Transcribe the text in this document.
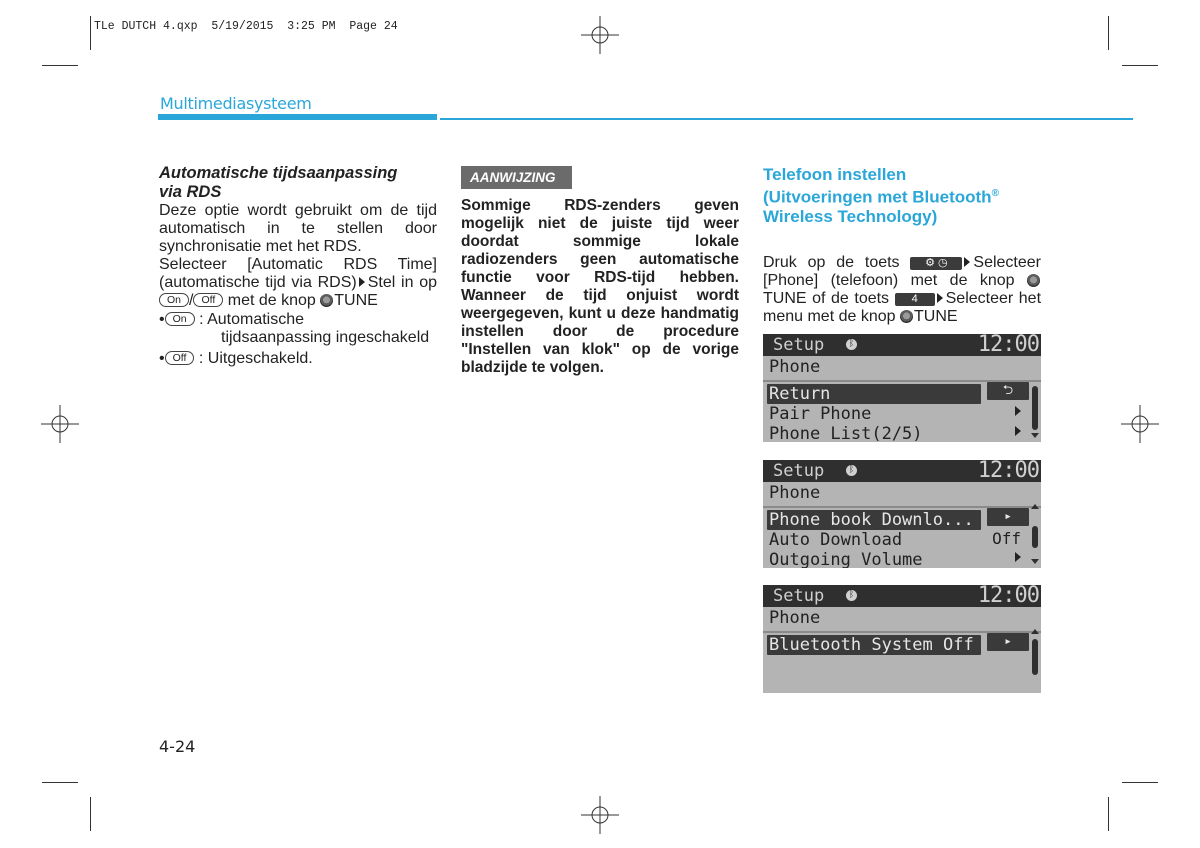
TLe DUTCH 4.qxp  5/19/2015  3:25 PM  Page 24
Multimediasysteem
Automatische tijdsaanpassing
via RDS
Deze optie wordt gebruikt om de tijd automatisch in te stellen door synchronisatie met het RDS.
Selecteer [Automatic RDS Time] (automatische tijd via RDS) Stel in op On / Off met de knop TUNE
• On : Automatische
tijdsaanpassing ingeschakeld
• Off : Uitgeschakeld.
AANWIJZING
Sommige RDS-zenders geven mogelijk niet de juiste tijd weer doordat sommige lokale radiozenders geen automatische functie voor RDS-tijd hebben. Wanneer de tijd onjuist wordt weergegeven, kunt u deze handmatig instellen door de procedure "Instellen van klok" op de vorige bladzijde te volgen.
Telefoon instellen
(Uitvoeringen met Bluetooth®
Wireless Technology)
Druk op de toets ⚙ ◷ Selecteer [Phone] (telefoon) met de knop TUNE of de toets 4 Selecteer het menu met de knop TUNE
Setup	ᛒ	12:00
Phone
Return	⮌
Pair Phone
Phone List(2/5)
Setup	ᛒ	12:00
Phone
Phone book Downlo...	▸
Auto Download	Off
Outgoing Volume
Setup	ᛒ	12:00
Phone
Bluetooth System Off	▸
4-24
